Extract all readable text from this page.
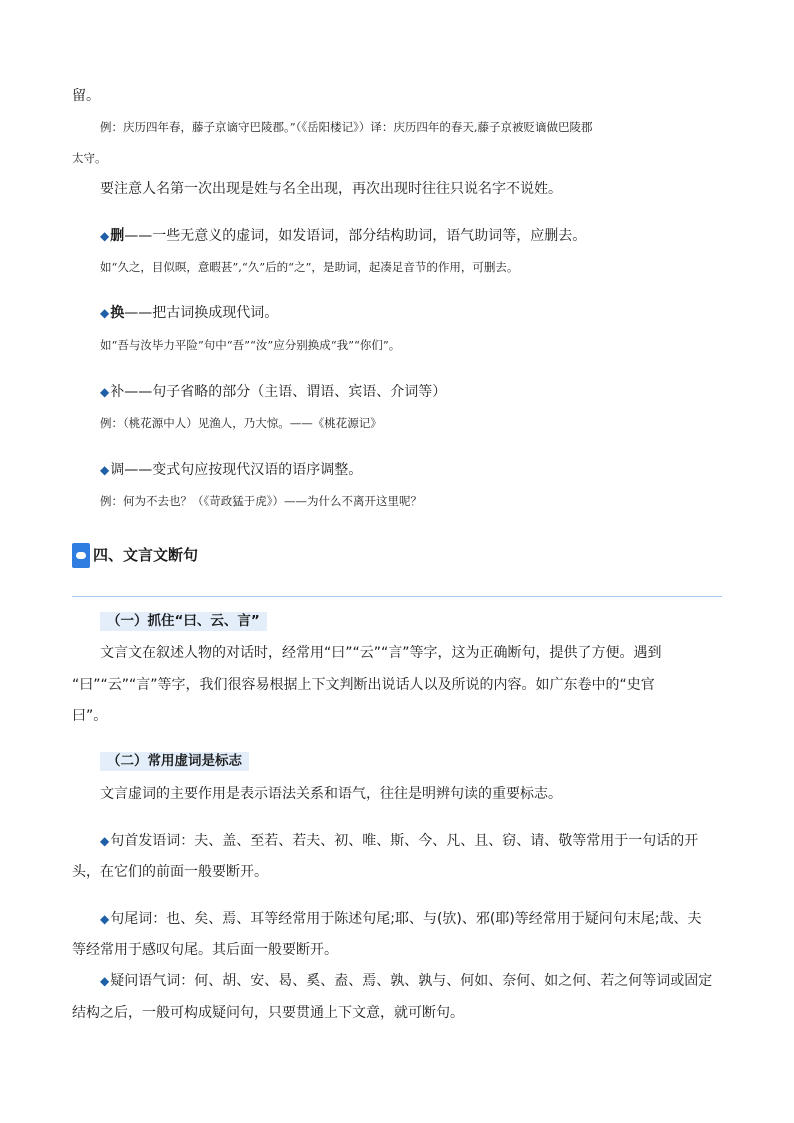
留。
例：庆历四年春，藤子京谪守巴陵郡。”（《岳阳楼记》）译：庆历四年的春天,藤子京被贬谪做巴陵郡
太守。
要注意人名第一次出现是姓与名全出现，再次出现时往往只说名字不说姓。
◆删——一些无意义的虚词，如发语词，部分结构助词，语气助词等，应删去。
如“久之，目似暝，意暇甚”,“久”后的“之”，是助词，起凑足音节的作用，可删去。
◆换——把古词换成现代词。
如“吾与汝毕力平险”句中“吾”“汝”应分别换成“我”“你们”。
◆补——句子省略的部分（主语、谓语、宾语、介词等）
例：（桃花源中人）见渔人，乃大惊。——《桃花源记》
◆调——变式句应按现代汉语的语序调整。
例：何为不去也？（《苛政猛于虎》）——为什么不离开这里呢？
四、文言文断句
（一）抓住“曰、云、言”
文言文在叙述人物的对话时，经常用“曰”“云”“言”等字，这为正确断句，提供了方便。遇到
“曰”“云”“言”等字，我们很容易根据上下文判断出说话人以及所说的内容。如广东卷中的“史官
曰”。
（二）常用虚词是标志
文言虚词的主要作用是表示语法关系和语气，往往是明辨句读的重要标志。
◆句首发语词：夫、盖、至若、若夫、初、唯、斯、今、凡、且、窃、请、敬等常用于一句话的开
头，在它们的前面一般要断开。
◆句尾词：也、矣、焉、耳等经常用于陈述句尾;耶、与(欤)、邪(耶)等经常用于疑问句末尾;哉、夫
等经常用于感叹句尾。其后面一般要断开。
◆疑问语气词：何、胡、安、曷、奚、盍、焉、孰、孰与、何如、奈何、如之何、若之何等词或固定
结构之后，一般可构成疑问句，只要贯通上下文意，就可断句。
